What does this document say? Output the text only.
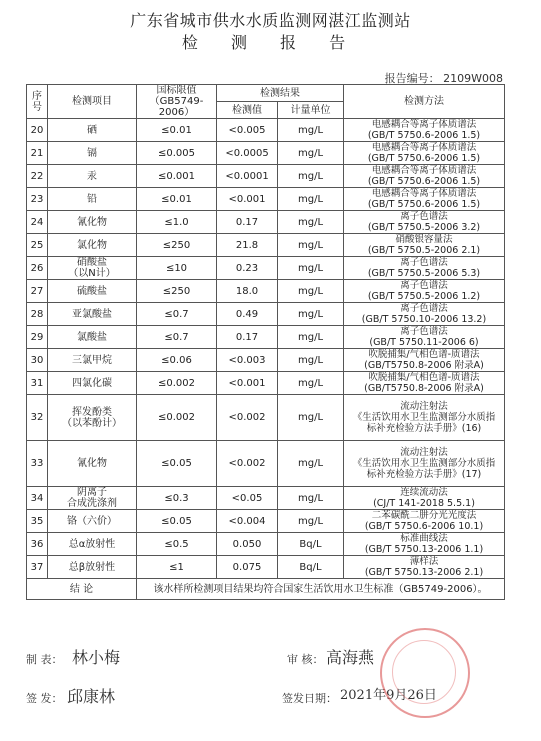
广东省城市供水水质监测网湛江监测站
检 测 报 告
报告编号： 2109W008
序号	检测项目	国标限值
（GB5749-2006）	检测结果		检测方法
			检测值	计量单位	
20	硒	≤0.01	<0.005	mg/L	电感耦合等离子体质谱法
(GB/T 5750.6-2006 1.5)

21	镉	≤0.005	<0.0005	mg/L	电感耦合等离子体质谱法
(GB/T 5750.6-2006 1.5)

22	汞	≤0.001	<0.0001	mg/L	电感耦合等离子体质谱法
(GB/T 5750.6-2006 1.5)

23	铅	≤0.01	<0.001	mg/L	电感耦合等离子体质谱法
(GB/T 5750.6-2006 1.5)

24	氰化物	≤1.0	0.17	mg/L	离子色谱法
(GB/T 5750.5-2006 3.2)

25	氯化物	≤250	21.8	mg/L	硝酸银容量法
(GB/T 5750.5-2006 2.1)

26	硝酸盐
（以N计）	≤10	0.23	mg/L	离子色谱法
(GB/T 5750.5-2006 5.3)

27	硫酸盐	≤250	18.0	mg/L	离子色谱法
(GB/T 5750.5-2006 1.2)

28	亚氯酸盐	≤0.7	0.49	mg/L	离子色谱法
(GB/T 5750.10-2006 13.2)

29	氯酸盐	≤0.7	0.17	mg/L	离子色谱法
(GB/T 5750.11-2006 6)

30	三氯甲烷	≤0.06	<0.003	mg/L	吹脱捕集/气相色谱-质谱法
(GB/T5750.8-2006 附录A)

31	四氯化碳	≤0.002	<0.001	mg/L	吹脱捕集/气相色谱-质谱法
(GB/T5750.8-2006 附录A)

32	挥发酚类
（以苯酚计）	≤0.002	<0.002	mg/L	流动注射法
《生活饮用水卫生监测部分水质指
标补充检验方法手册》(16)

33	氰化物	≤0.05	<0.002	mg/L	流动注射法
《生活饮用水卫生监测部分水质指
标补充检验方法手册》(17)

34	阴离子
合成洗涤剂	≤0.3	<0.05	mg/L	连续流动法
(CJ/T 141-2018 5.5.1)

35	铬（六价）	≤0.05	<0.004	mg/L	二苯碳酰二肼分光光度法
(GB/T 5750.6-2006 10.1)

36	总α放射性	≤0.5	0.050	Bq/L	标准曲线法
(GB/T 5750.13-2006 1.1)

37	总β放射性	≤1	0.075	Bq/L	薄样法
(GB/T 5750.13-2006 2.1)

结 论		该水样所检测项目结果均符合国家生活饮用水卫生标准（GB5749-2006）。			
制 表： 林小梅	审 核： 高海燕
签 发： 邱康林	签发日期： 2021年9月26日
